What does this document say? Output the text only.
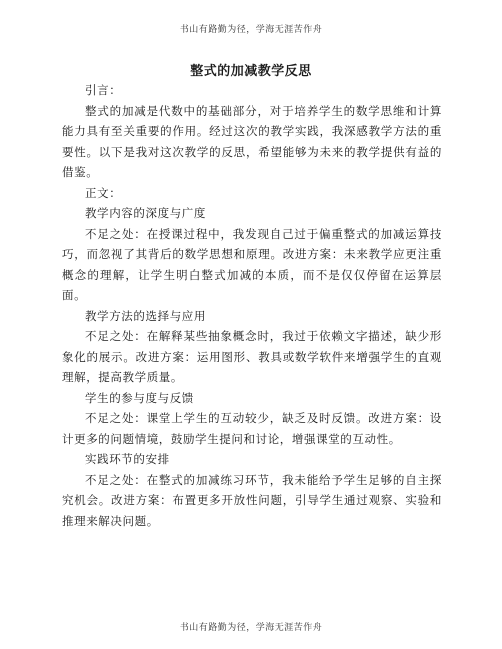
书山有路勤为径，学海无涯苦作舟
整式的加减教学反思

引言：

整式的加减是代数中的基础部分，对于培养学生的数学思维和计算能力具有至关重要的作用。经过这次的教学实践，我深感教学方法的重要性。以下是我对这次教学的反思，希望能够为未来的教学提供有益的借鉴。

正文：

教学内容的深度与广度

不足之处：在授课过程中，我发现自己过于偏重整式的加减运算技巧，而忽视了其背后的数学思想和原理。改进方案：未来教学应更注重概念的理解，让学生明白整式加减的本质，而不是仅仅停留在运算层面。

教学方法的选择与应用

不足之处：在解释某些抽象概念时，我过于依赖文字描述，缺少形象化的展示。改进方案：运用图形、教具或数学软件来增强学生的直观理解，提高教学质量。

学生的参与度与反馈

不足之处：课堂上学生的互动较少，缺乏及时反馈。改进方案：设计更多的问题情境，鼓励学生提问和讨论，增强课堂的互动性。

实践环节的安排

不足之处：在整式的加减练习环节，我未能给予学生足够的自主探究机会。改进方案：布置更多开放性问题，引导学生通过观察、实验和推理来解决问题。

书山有路勤为径，学海无涯苦作舟
